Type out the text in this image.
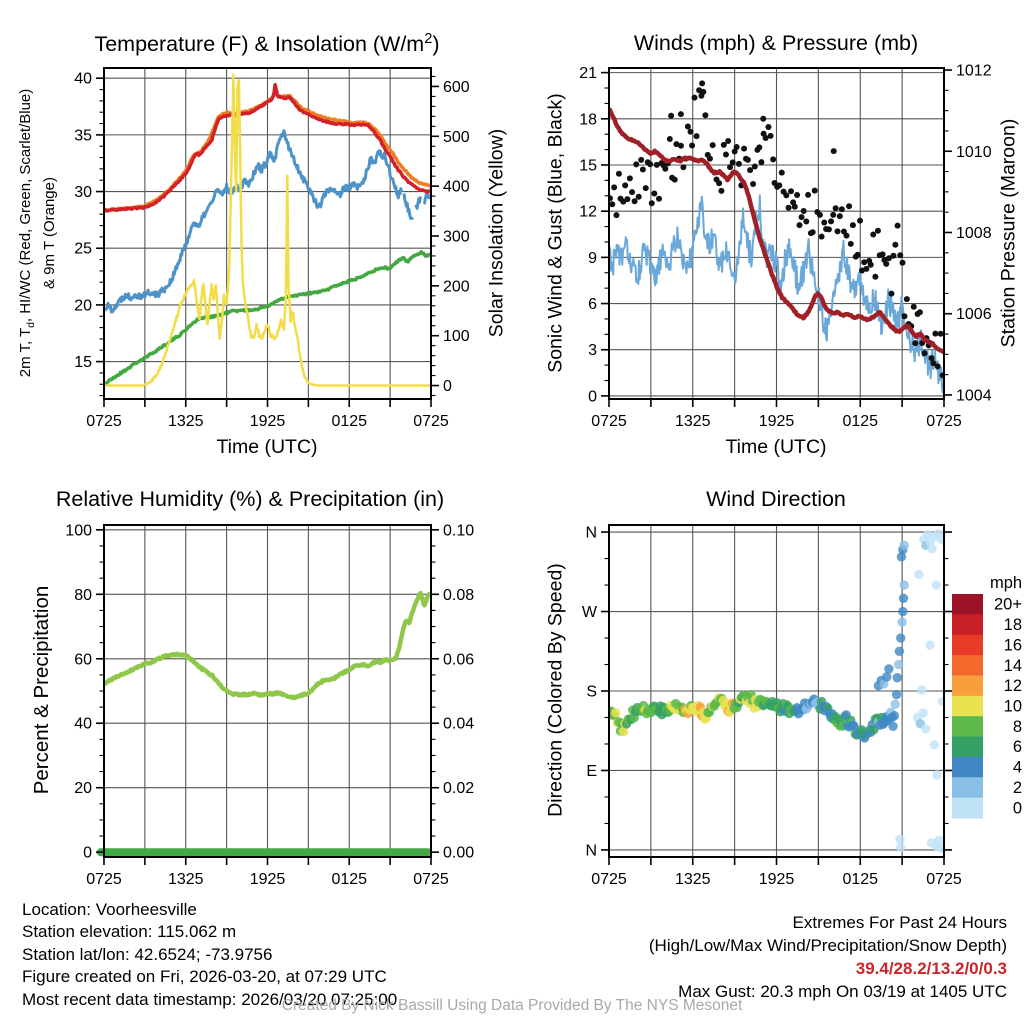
0725	1325	1925	0125	0725
15
20
25
30
35
40
0
100
200
300
400
500
600
0725	1325	1925	0125	0725
0
3
6
9
12
15
18
21
1004
1006
1008
1010
1012
0725	1325	1925	0125	0725
0
20
40
60
80
100
0.00
0.02
0.04
0.06
0.08
0.10
0725	1325	1925	0125	0725
N
E
S
W
N
mph
20+
18
16
14
12
10
8
6
4
2
0
Temperature (F) & Insolation $(W/m^2)$	Winds (mph) & Pressure (mb)
Relative Humidity (%) & Precipitation (in)	Wind Direction
Time (UTC)	Time (UTC)
2m T, $T_d$, HI/WC (Red, Green, Scarlet/Blue) & 9m T (Orange)	Solar Insolation (Yellow) Sonic Wind & Gust (Blue, Black)	Station Pressure (Maroon)
Percent & Precipitation	Direction (Colored By Speed)
Location: Voorheesville
Station elevation: 115.062 m
Station lat/lon: 42.6524; -73.9756
Figure created on Fri, 2026-03-20, at 07:29 UTC
Most recent data timestamp: 2026/03/20 07:25:00
Extremes For Past 24 Hours
(High/Low/Max Wind/Precipitation/Snow Depth)
39.4/28.2/13.2/0/0.3
Max Gust: 20.3 mph On 03/19 at 1405 UTC
Created By Nick Bassill Using Data Provided By The NYS Mesonet
